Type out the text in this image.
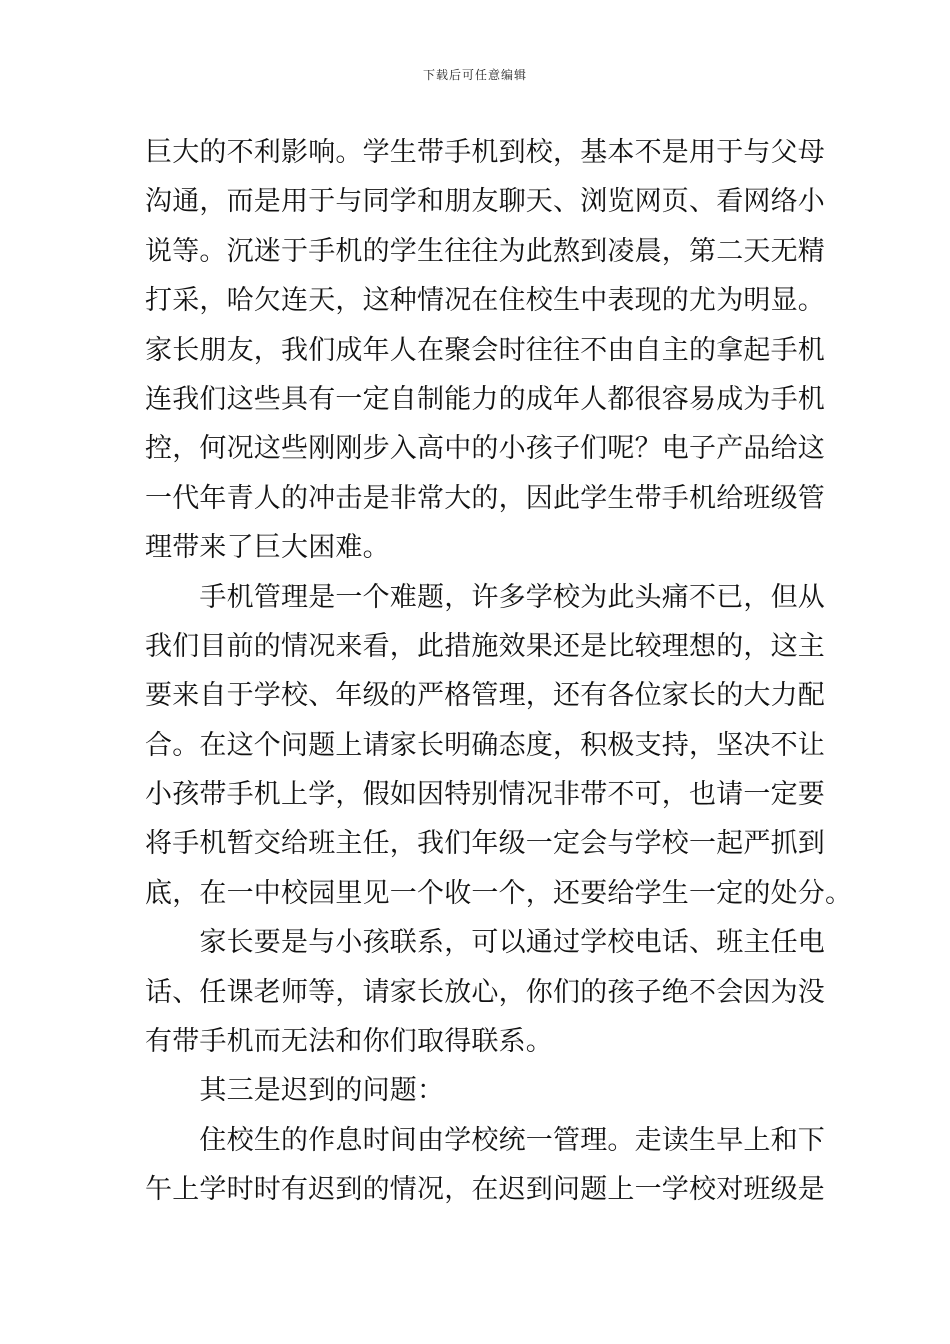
下载后可任意编辑
巨大的不利影响。学生带手机到校，基本不是用于与父母
沟通，而是用于与同学和朋友聊天、浏览网页、看网络小
说等。沉迷于手机的学生往往为此熬到凌晨，第二天无精
打采，哈欠连天，这种情况在住校生中表现的尤为明显。
家长朋友，我们成年人在聚会时往往不由自主的拿起手机
连我们这些具有一定自制能力的成年人都很容易成为手机
控，何况这些刚刚步入高中的小孩子们呢？电子产品给这
一代年青人的冲击是非常大的，因此学生带手机给班级管
理带来了巨大困难。
　　手机管理是一个难题，许多学校为此头痛不已，但从
我们目前的情况来看，此措施效果还是比较理想的，这主
要来自于学校、年级的严格管理，还有各位家长的大力配
合。在这个问题上请家长明确态度，积极支持，坚决不让
小孩带手机上学，假如因特别情况非带不可，也请一定要
将手机暂交给班主任，我们年级一定会与学校一起严抓到
底，在一中校园里见一个收一个，还要给学生一定的处分。
　　家长要是与小孩联系，可以通过学校电话、班主任电
话、任课老师等，请家长放心，你们的孩子绝不会因为没
有带手机而无法和你们取得联系。
　　其三是迟到的问题：
　　住校生的作息时间由学校统一管理。走读生早上和下
午上学时时有迟到的情况，在迟到问题上一学校对班级是
